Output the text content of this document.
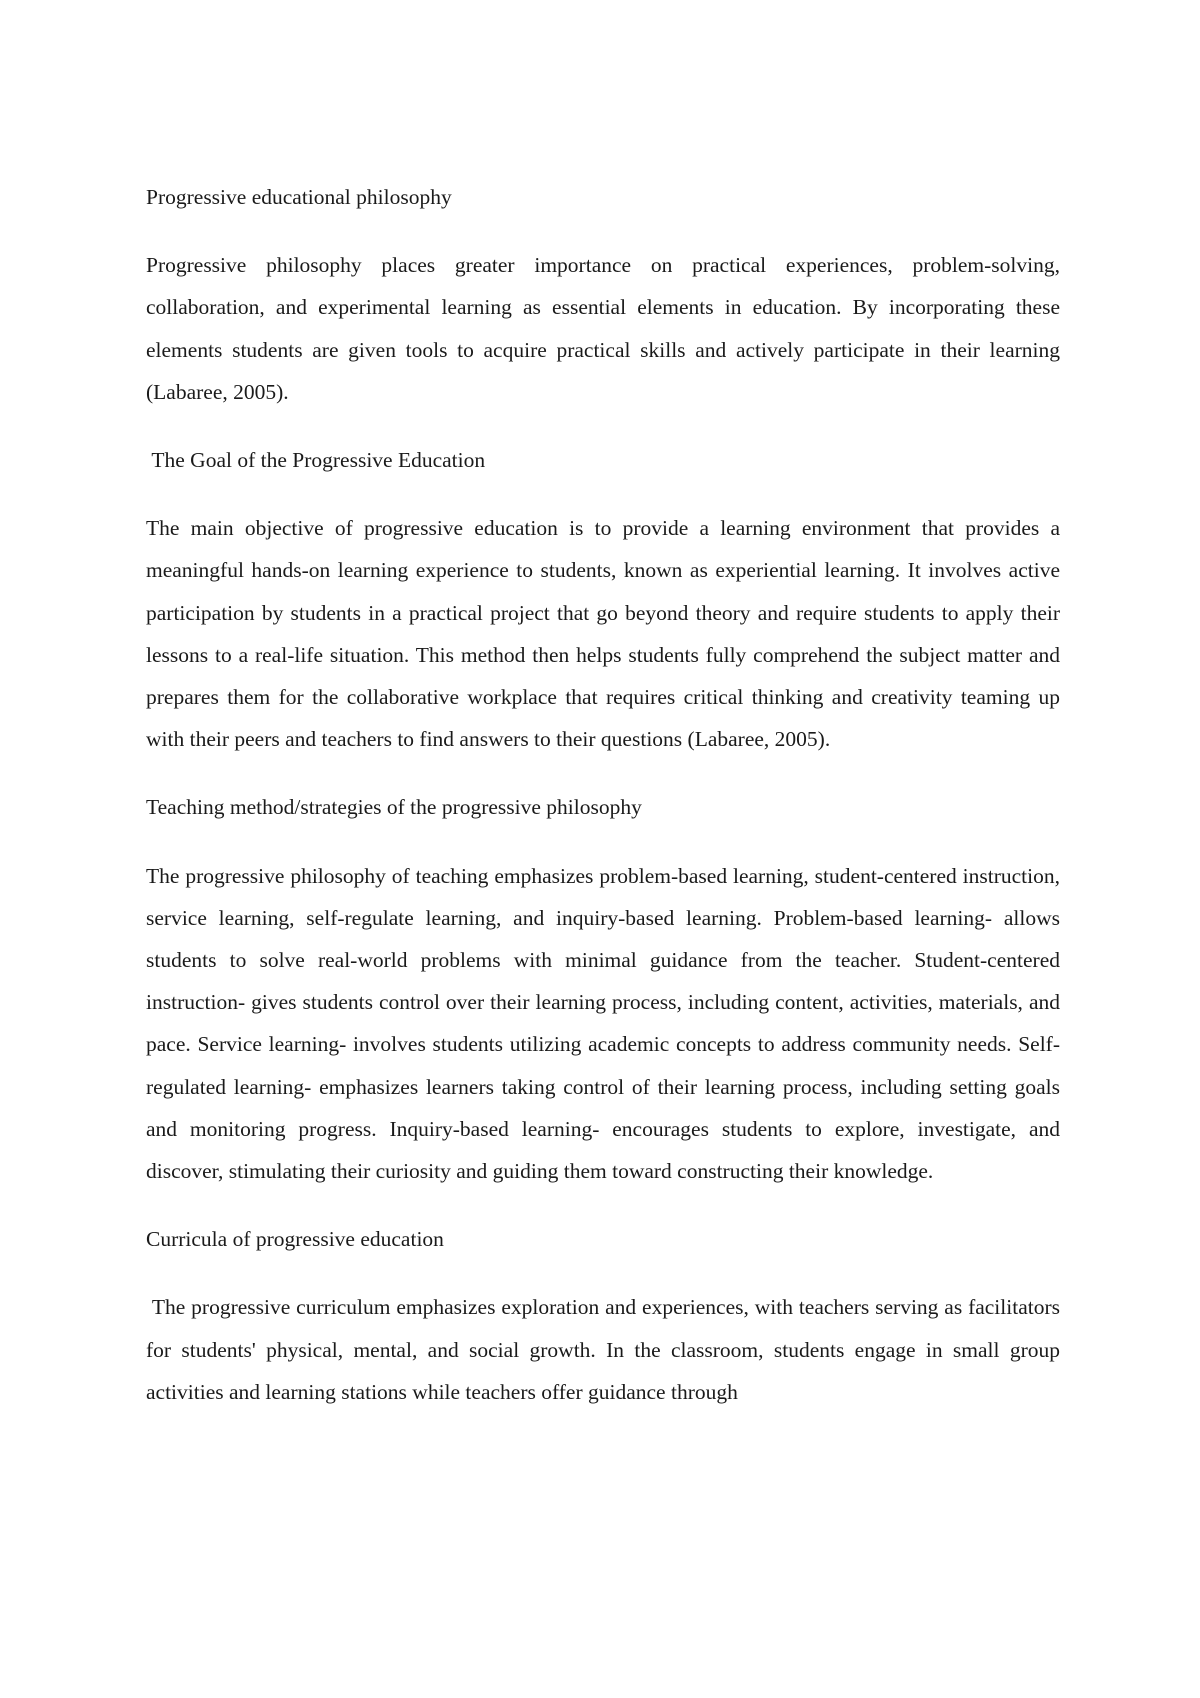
Progressive educational philosophy

Progressive philosophy places greater importance on practical experiences, problem-solving, collaboration, and experimental learning as essential elements in education. By incorporating these elements students are given tools to acquire practical skills and actively participate in their learning (Labaree, 2005).

The Goal of the Progressive Education

The main objective of progressive education is to provide a learning environment that provides a meaningful hands-on learning experience to students, known as experiential learning. It involves active participation by students in a practical project that go beyond theory and require students to apply their lessons to a real-life situation. This method then helps students fully comprehend the subject matter and prepares them for the collaborative workplace that requires critical thinking and creativity teaming up with their peers and teachers to find answers to their questions (Labaree, 2005).

Teaching method/strategies of the progressive philosophy

The progressive philosophy of teaching emphasizes problem-based learning, student-centered instruction, service learning, self-regulate learning, and inquiry-based learning. Problem-based learning- allows students to solve real-world problems with minimal guidance from the teacher. Student-centered instruction- gives students control over their learning process, including content, activities, materials, and pace. Service learning- involves students utilizing academic concepts to address community needs. Self-regulated learning- emphasizes learners taking control of their learning process, including setting goals and monitoring progress. Inquiry-based learning- encourages students to explore, investigate, and discover, stimulating their curiosity and guiding them toward constructing their knowledge.

Curricula of progressive education

The progressive curriculum emphasizes exploration and experiences, with teachers serving as facilitators for students' physical, mental, and social growth. In the classroom, students engage in small group activities and learning stations while teachers offer guidance through
